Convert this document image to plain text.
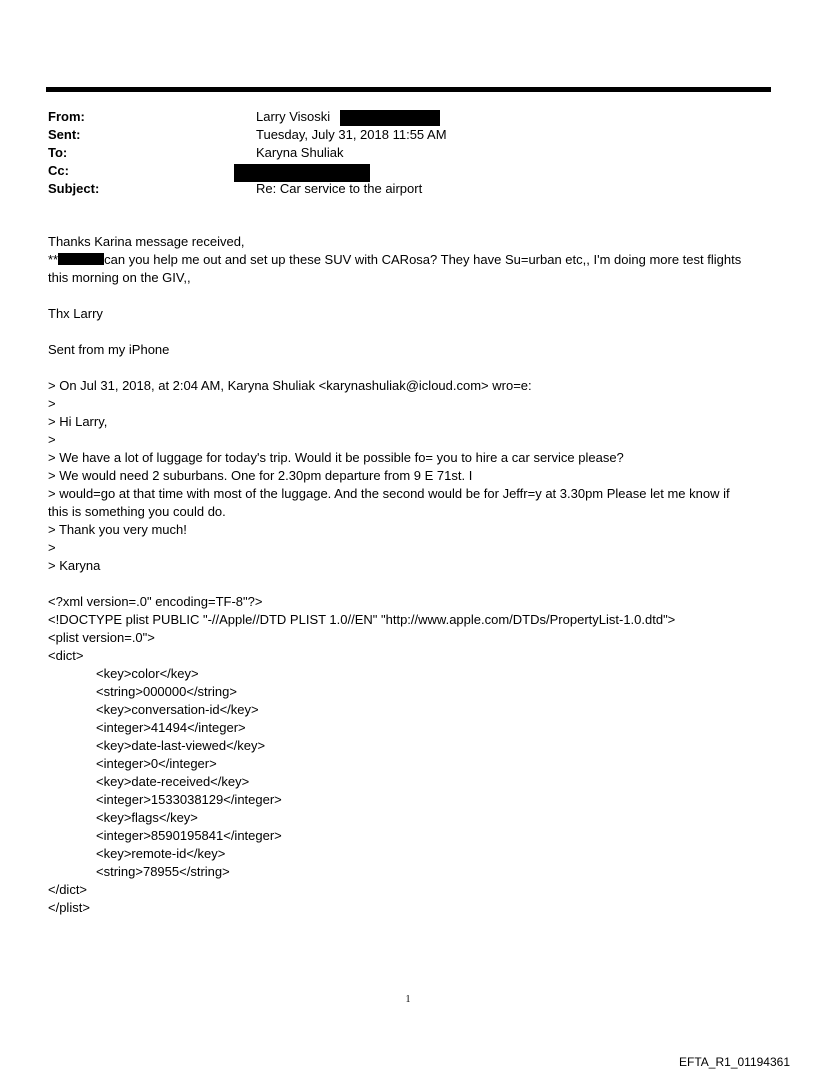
From:	Larry Visoski
Sent:	Tuesday, July 31, 2018 11:55 AM
To:	Karyna Shuliak
Cc:
Subject:	Re: Car service to the airport
Thanks Karina message received,
**	can you help me out and set up these SUV with CARosa? They have Su=urban etc,, I'm doing more test flights
this morning on the GIV,,
Thx Larry
Sent from my iPhone
> On Jul 31, 2018, at 2:04 AM, Karyna Shuliak <karynashuliak@icloud.com> wro=e:
>
> Hi Larry,
>
> We have a lot of luggage for today's trip. Would it be possible fo= you to hire a car service please?
> We would need 2 suburbans. One for 2.30pm departure from 9 E 71st. I
> would=go at that time with most of the luggage. And the second would be for Jeffr=y at 3.30pm Please let me know if
this is something you could do.
> Thank you very much!
>
> Karyna
<?xml version=.0" encoding=TF-8"?>
<!DOCTYPE plist PUBLIC "-//Apple//DTD PLIST 1.0//EN" "http://www.apple.com/DTDs/PropertyList-1.0.dtd">
<plist version=.0">
<dict>
<key>color</key>
<string>000000</string>
<key>conversation-id</key>
<integer>41494</integer>
<key>date-last-viewed</key>
<integer>0</integer>
<key>date-received</key>
<integer>1533038129</integer>
<key>flags</key>
<integer>8590195841</integer>
<key>remote-id</key>
<string>78955</string>
</dict>
</plist>
1
EFTA_R1_01194361
